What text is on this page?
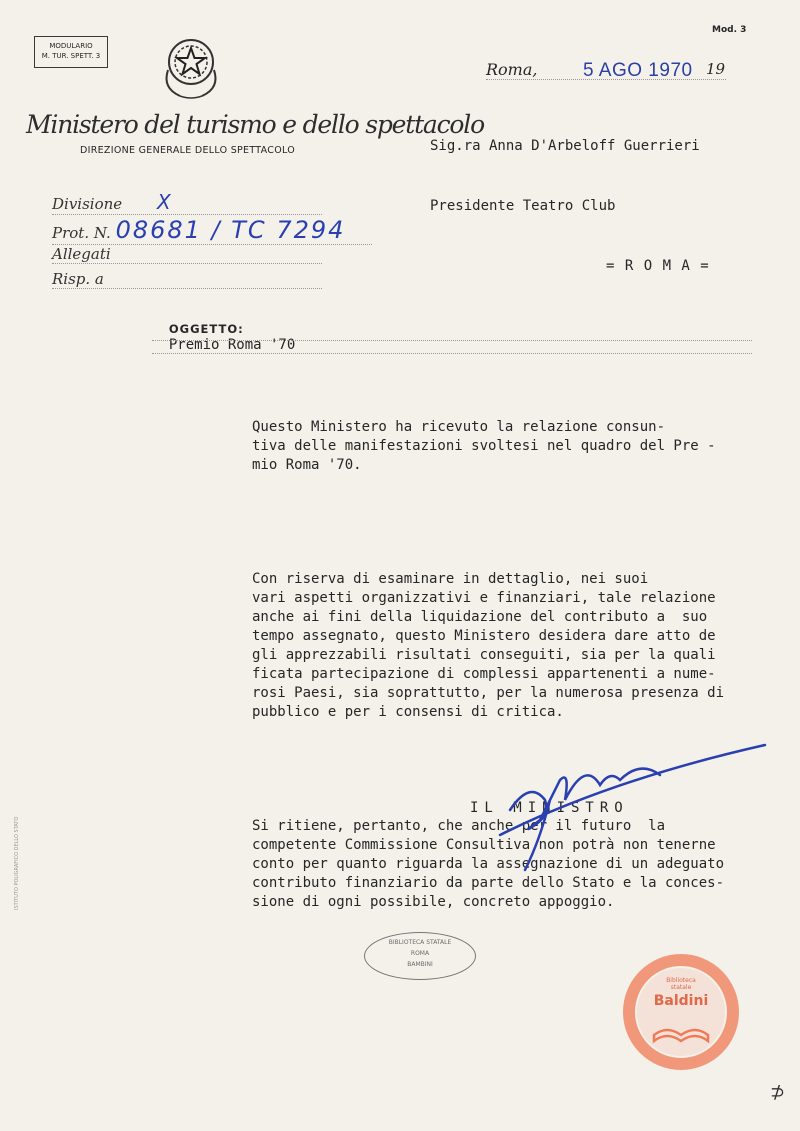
MODULARIO
M. TUR. SPETT. 3
Mod. 3
Ministero del turismo e dello spettacolo
DIREZIONE GENERALE DELLO SPETTACOLO
Roma,	5 AGO 1970 19

Sig.ra Anna D'Arbeloff Guerrieri

Presidente Teatro Club

= R O M A =

Divisione X
Prot. N. 08681 / TC 7294
Allegati
Risp. a

OGGETTO:
Premio Roma '70

Questo Ministero ha ricevuto la relazione consun-
tiva delle manifestazioni svoltesi nel quadro del Pre -
mio Roma '70.

Con riserva di esaminare in dettaglio, nei suoi
vari aspetti organizzativi e finanziari, tale relazione
anche ai fini della liquidazione del contributo a  suo
tempo assegnato, questo Ministero desidera dare atto de
gli apprezzabili risultati conseguiti, sia per la quali
ficata partecipazione di complessi appartenenti a nume-
rosi Paesi, sia soprattutto, per la numerosa presenza di
pubblico e per i consensi di critica.

Si ritiene, pertanto, che anche per il futuro  la
competente Commissione Consultiva non potrà non tenerne
conto per quanto riguarda la assegnazione di un adeguato
contributo finanziario da parte dello Stato e la conces-
sione di ogni possibile, concreto appoggio.

IL MINISTRO
BIBLIOTECA STATALE
ROMA
BAMBINI
Biblioteca
statale
Baldini
ISTITUTO POLIGRAFICO DELLO STATO
⊅
